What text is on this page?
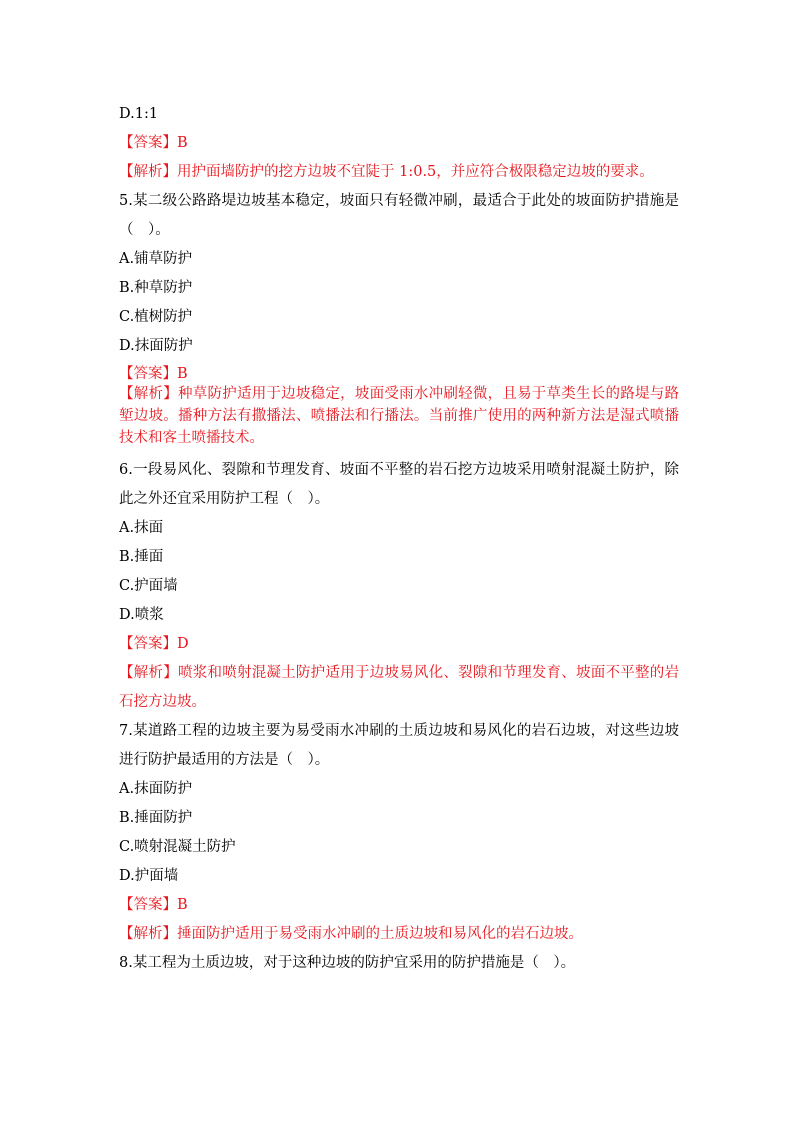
D.1:1
【答案】B
【解析】用护面墙防护的挖方边坡不宜陡于 1:0.5，并应符合极限稳定边坡的要求。
5.某二级公路路堤边坡基本稳定，坡面只有轻微冲刷，最适合于此处的坡面防护措施是（　）。
A.铺草防护
B.种草防护
C.植树防护
D.抹面防护
【答案】B
【解析】种草防护适用于边坡稳定，坡面受雨水冲刷轻微，且易于草类生长的路堤与路堑边坡。播种方法有撒播法、喷播法和行播法。当前推广使用的两种新方法是湿式喷播技术和客土喷播技术。
6.一段易风化、裂隙和节理发育、坡面不平整的岩石挖方边坡采用喷射混凝土防护，除此之外还宜采用防护工程（　）。
A.抹面
B.捶面
C.护面墙
D.喷浆
【答案】D
【解析】喷浆和喷射混凝土防护适用于边坡易风化、裂隙和节理发育、坡面不平整的岩石挖方边坡。
7.某道路工程的边坡主要为易受雨水冲刷的土质边坡和易风化的岩石边坡，对这些边坡进行防护最适用的方法是（　）。
A.抹面防护
B.捶面防护
C.喷射混凝土防护
D.护面墙
【答案】B
【解析】捶面防护适用于易受雨水冲刷的土质边坡和易风化的岩石边坡。
8.某工程为土质边坡，对于这种边坡的防护宜采用的防护措施是（　）。
